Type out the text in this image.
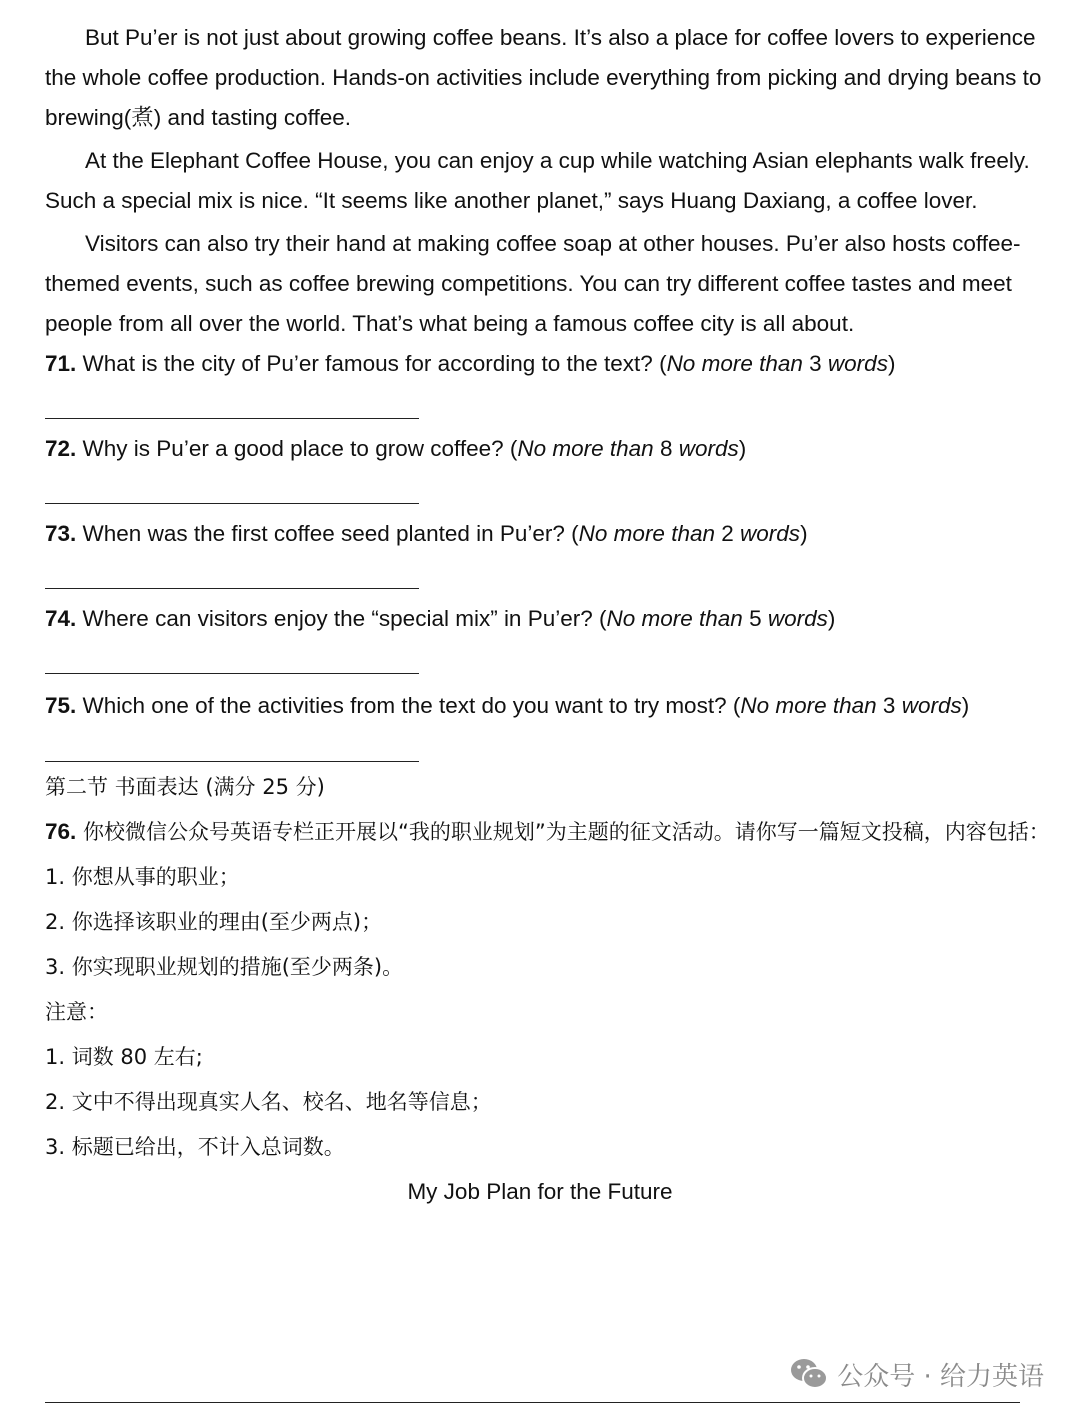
But Pu’er is not just about growing coffee beans. It’s also a place for coffee lovers to experience the whole coffee production. Hands-on activities include everything from picking and drying beans to brewing(煮) and tasting coffee.

At the Elephant Coffee House, you can enjoy a cup while watching Asian elephants walk freely. Such a special mix is nice. “It seems like another planet,” says Huang Daxiang, a coffee lover.

Visitors can also try their hand at making coffee soap at other houses. Pu’er also hosts coffee-themed events, such as coffee brewing competitions. You can try different coffee tastes and meet people from all over the world. That’s what being a famous coffee city is all about.

71. What is the city of Pu’er famous for according to the text? (No more than 3 words)

72. Why is Pu’er a good place to grow coffee? (No more than 8 words)

73. When was the first coffee seed planted in Pu’er? (No more than 2 words)

74. Where can visitors enjoy the “special mix” in Pu’er? (No more than 5 words)

75. Which one of the activities from the text do you want to try most? (No more than 3 words)

第二节 书面表达 (满分 25 分)

76. 你校微信公众号英语专栏正开展以“我的职业规划”为主题的征文活动。请你写一篇短文投稿，内容包括：

1. 你想从事的职业；

2. 你选择该职业的理由(至少两点)；

3. 你实现职业规划的措施(至少两条)。

注意：

1. 词数 80 左右;

2. 文中不得出现真实人名、校名、地名等信息；

3. 标题已给出，不计入总词数。

My Job Plan for the Future

公众号 · 给力英语
